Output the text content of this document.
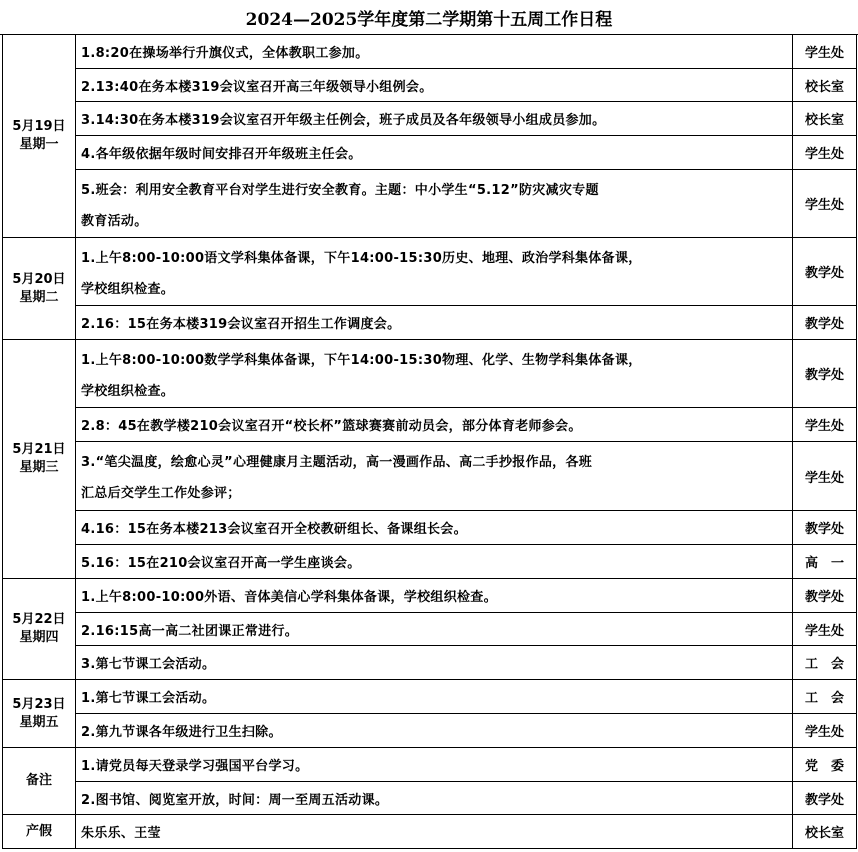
2024—2025学年度第二学期第十五周工作日程
5月19日
星期一	1.8:20在操场举行升旗仪式，全体教职工参加。	学生处
	2.13:40在务本楼319会议室召开高三年级领导小组例会。	校长室
	3.14:30在务本楼319会议室召开年级主任例会，班子成员及各年级领导小组成员参加。	校长室
	4.各年级依据年级时间安排召开年级班主任会。	学生处
	5.班会：利用安全教育平台对学生进行安全教育。主题：中小学生“5.12”防灾减灾专题
教育活动。	学生处

5月20日
星期二	1.上午8:00-10:00语文学科集体备课，下午14:00-15:30历史、地理、政治学科集体备课，
学校组织检查。	教学处
	2.16：15在务本楼319会议室召开招生工作调度会。	教学处

5月21日
星期三	1.上午8:00-10:00数学学科集体备课，下午14:00-15:30物理、化学、生物学科集体备课，
学校组织检查。	教学处
	2.8：45在教学楼210会议室召开“校长杯”篮球赛赛前动员会，部分体育老师参会。	学生处
	3.“笔尖温度，绘愈心灵”心理健康月主题活动，高一漫画作品、高二手抄报作品，各班
汇总后交学生工作处参评；	学生处
	4.16：15在务本楼213会议室召开全校教研组长、备课组长会。	教学处
	5.16：15在210会议室召开高一学生座谈会。	高　一

5月22日
星期四	1.上午8:00-10:00外语、音体美信心学科集体备课，学校组织检查。	教学处
	2.16:15高一高二社团课正常进行。	学生处
	3.第七节课工会活动。	工　会

5月23日
星期五	1.第七节课工会活动。	工　会
	2.第九节课各年级进行卫生扫除。	学生处

备注	1.请党员每天登录学习强国平台学习。	党　委
	2.图书馆、阅览室开放，时间：周一至周五活动课。	教学处

产假	朱乐乐、王莹	校长室
